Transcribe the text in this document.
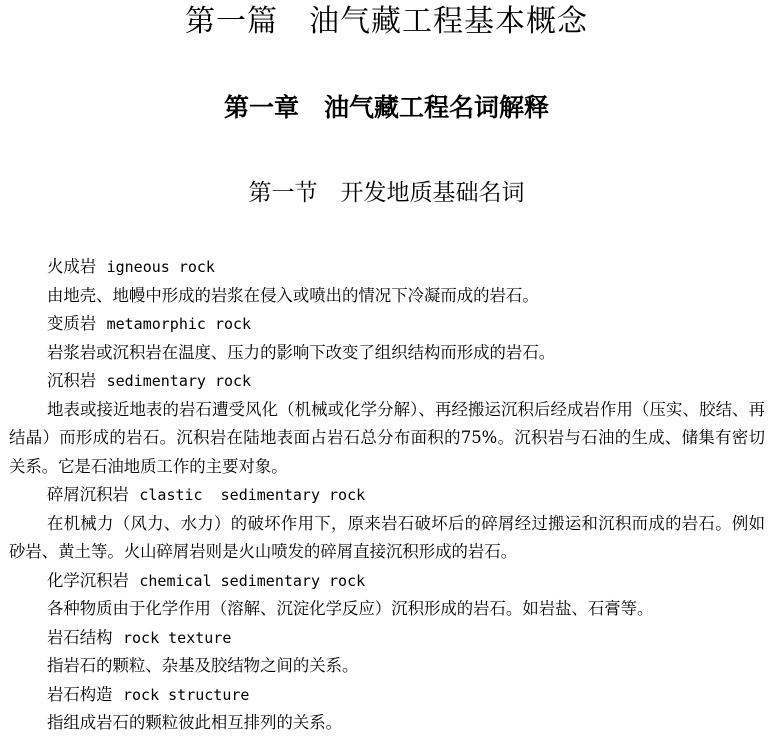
第一篇　油气藏工程基本概念
第一章　油气藏工程名词解释
第一节　开发地质基础名词
火成岩 igneous rock
由地壳、地幔中形成的岩浆在侵入或喷出的情况下冷凝而成的岩石。
变质岩 metamorphic rock
岩浆岩或沉积岩在温度、压力的影响下改变了组织结构而形成的岩石。
沉积岩 sedimentary rock
地表或接近地表的岩石遭受风化（机械或化学分解）、再经搬运沉积后经成岩作用（压实、胶结、再结晶）而形成的岩石。沉积岩在陆地表面占岩石总分布面积的75%。沉积岩与石油的生成、储集有密切关系。它是石油地质工作的主要对象。
碎屑沉积岩 clastic  sedimentary rock
在机械力（风力、水力）的破坏作用下，原来岩石破坏后的碎屑经过搬运和沉积而成的岩石。例如砂岩、黄土等。火山碎屑岩则是火山喷发的碎屑直接沉积形成的岩石。
化学沉积岩 chemical sedimentary rock
各种物质由于化学作用（溶解、沉淀化学反应）沉积形成的岩石。如岩盐、石膏等。
岩石结构 rock texture
指岩石的颗粒、杂基及胶结物之间的关系。
岩石构造 rock structure
指组成岩石的颗粒彼此相互排列的关系。
